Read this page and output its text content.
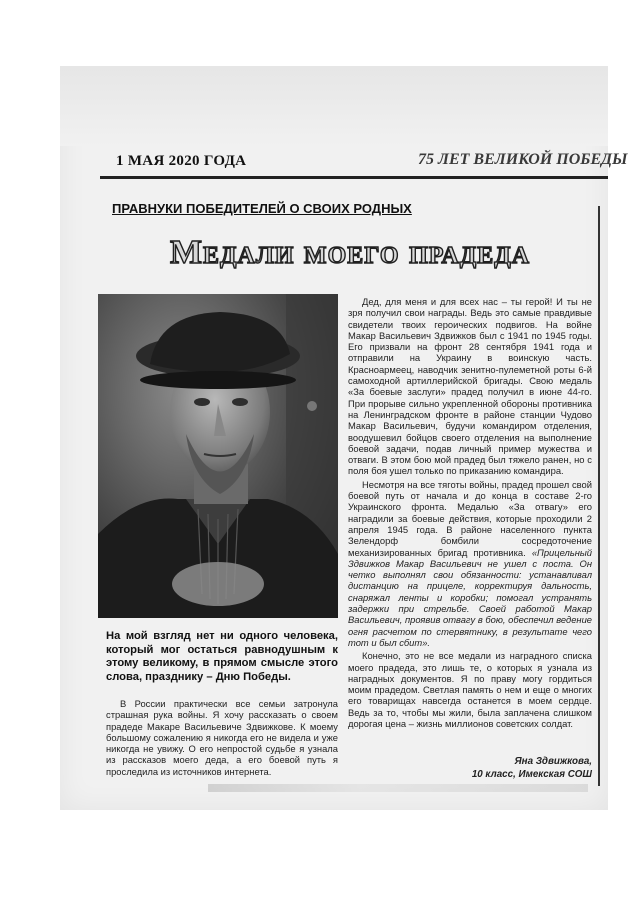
1 МАЯ 2020 ГОДА	75 ЛЕТ ВЕЛИКОЙ ПОБЕДЫ
ПРАВНУКИ ПОБЕДИТЕЛЕЙ О СВОИХ РОДНЫХ
Медали моего прадеда
На мой взгляд нет ни одного человека, который мог остаться равнодушным к этому великому, в прямом смысле этого слова, празднику – Дню Победы.

В России практически все семьи затронула страшная рука войны. Я хочу рассказать о своем прадеде Макаре Васильевиче Здвижкове. К моему большому сожалению я никогда его не видела и уже никогда не увижу. О его непростой судьбе я узнала из рассказов моего деда, а его боевой путь я проследила из источников интернета.

Дед, для меня и для всех нас – ты герой! И ты не зря получил свои награды. Ведь это самые правдивые свидетели твоих героических подвигов. На войне Макар Васильевич Здвижков был с 1941 по 1945 годы. Его призвали на фронт 28 сентября 1941 года и отправили на Украину в воинскую часть. Красноармеец, наводчик зенитно-пулеметной роты 6-й самоходной артиллерийской бригады. Свою медаль «За боевые заслуги» прадед получил в июне 44-го. При прорыве сильно укрепленной обороны противника на Ленинградском фронте в районе станции Чудово Макар Васильевич, будучи командиром отделения, воодушевил бойцов своего отделения на выполнение боевой задачи, подав личный пример мужества и отваги. В этом бою мой прадед был тяжело ранен, но с поля боя ушел только по приказанию командира.

Несмотря на все тяготы войны, прадед прошел свой боевой путь от начала и до конца в составе 2-го Украинского фронта. Медалью «За отвагу» его наградили за боевые действия, которые проходили 2 апреля 1945 года. В районе населенного пункта Зелендорф бомбили сосредоточение механизированных бригад противника. «Прицельный Здвижков Макар Васильевич не ушел с поста. Он четко выполнял свои обязанности: устанавливал дистанцию на прицеле, корректируя дальность, снаряжал ленты и коробки; помогал устранять задержки при стрельбе. Своей работой Макар Васильевич, проявив отвагу в бою, обеспечил ведение огня расчетом по стервятнику, в результате чего тот и был сбит».

Конечно, это не все медали из наградного списка моего прадеда, это лишь те, о которых я узнала из наградных документов. Я по праву могу гордиться моим прадедом. Светлая память о нем и еще о многих его товарищах навсегда останется в моем сердце. Ведь за то, чтобы мы жили, была заплачена слишком дорогая цена – жизнь миллионов советских солдат.

Яна Здвижкова,
10 класс, Имекская СОШ
